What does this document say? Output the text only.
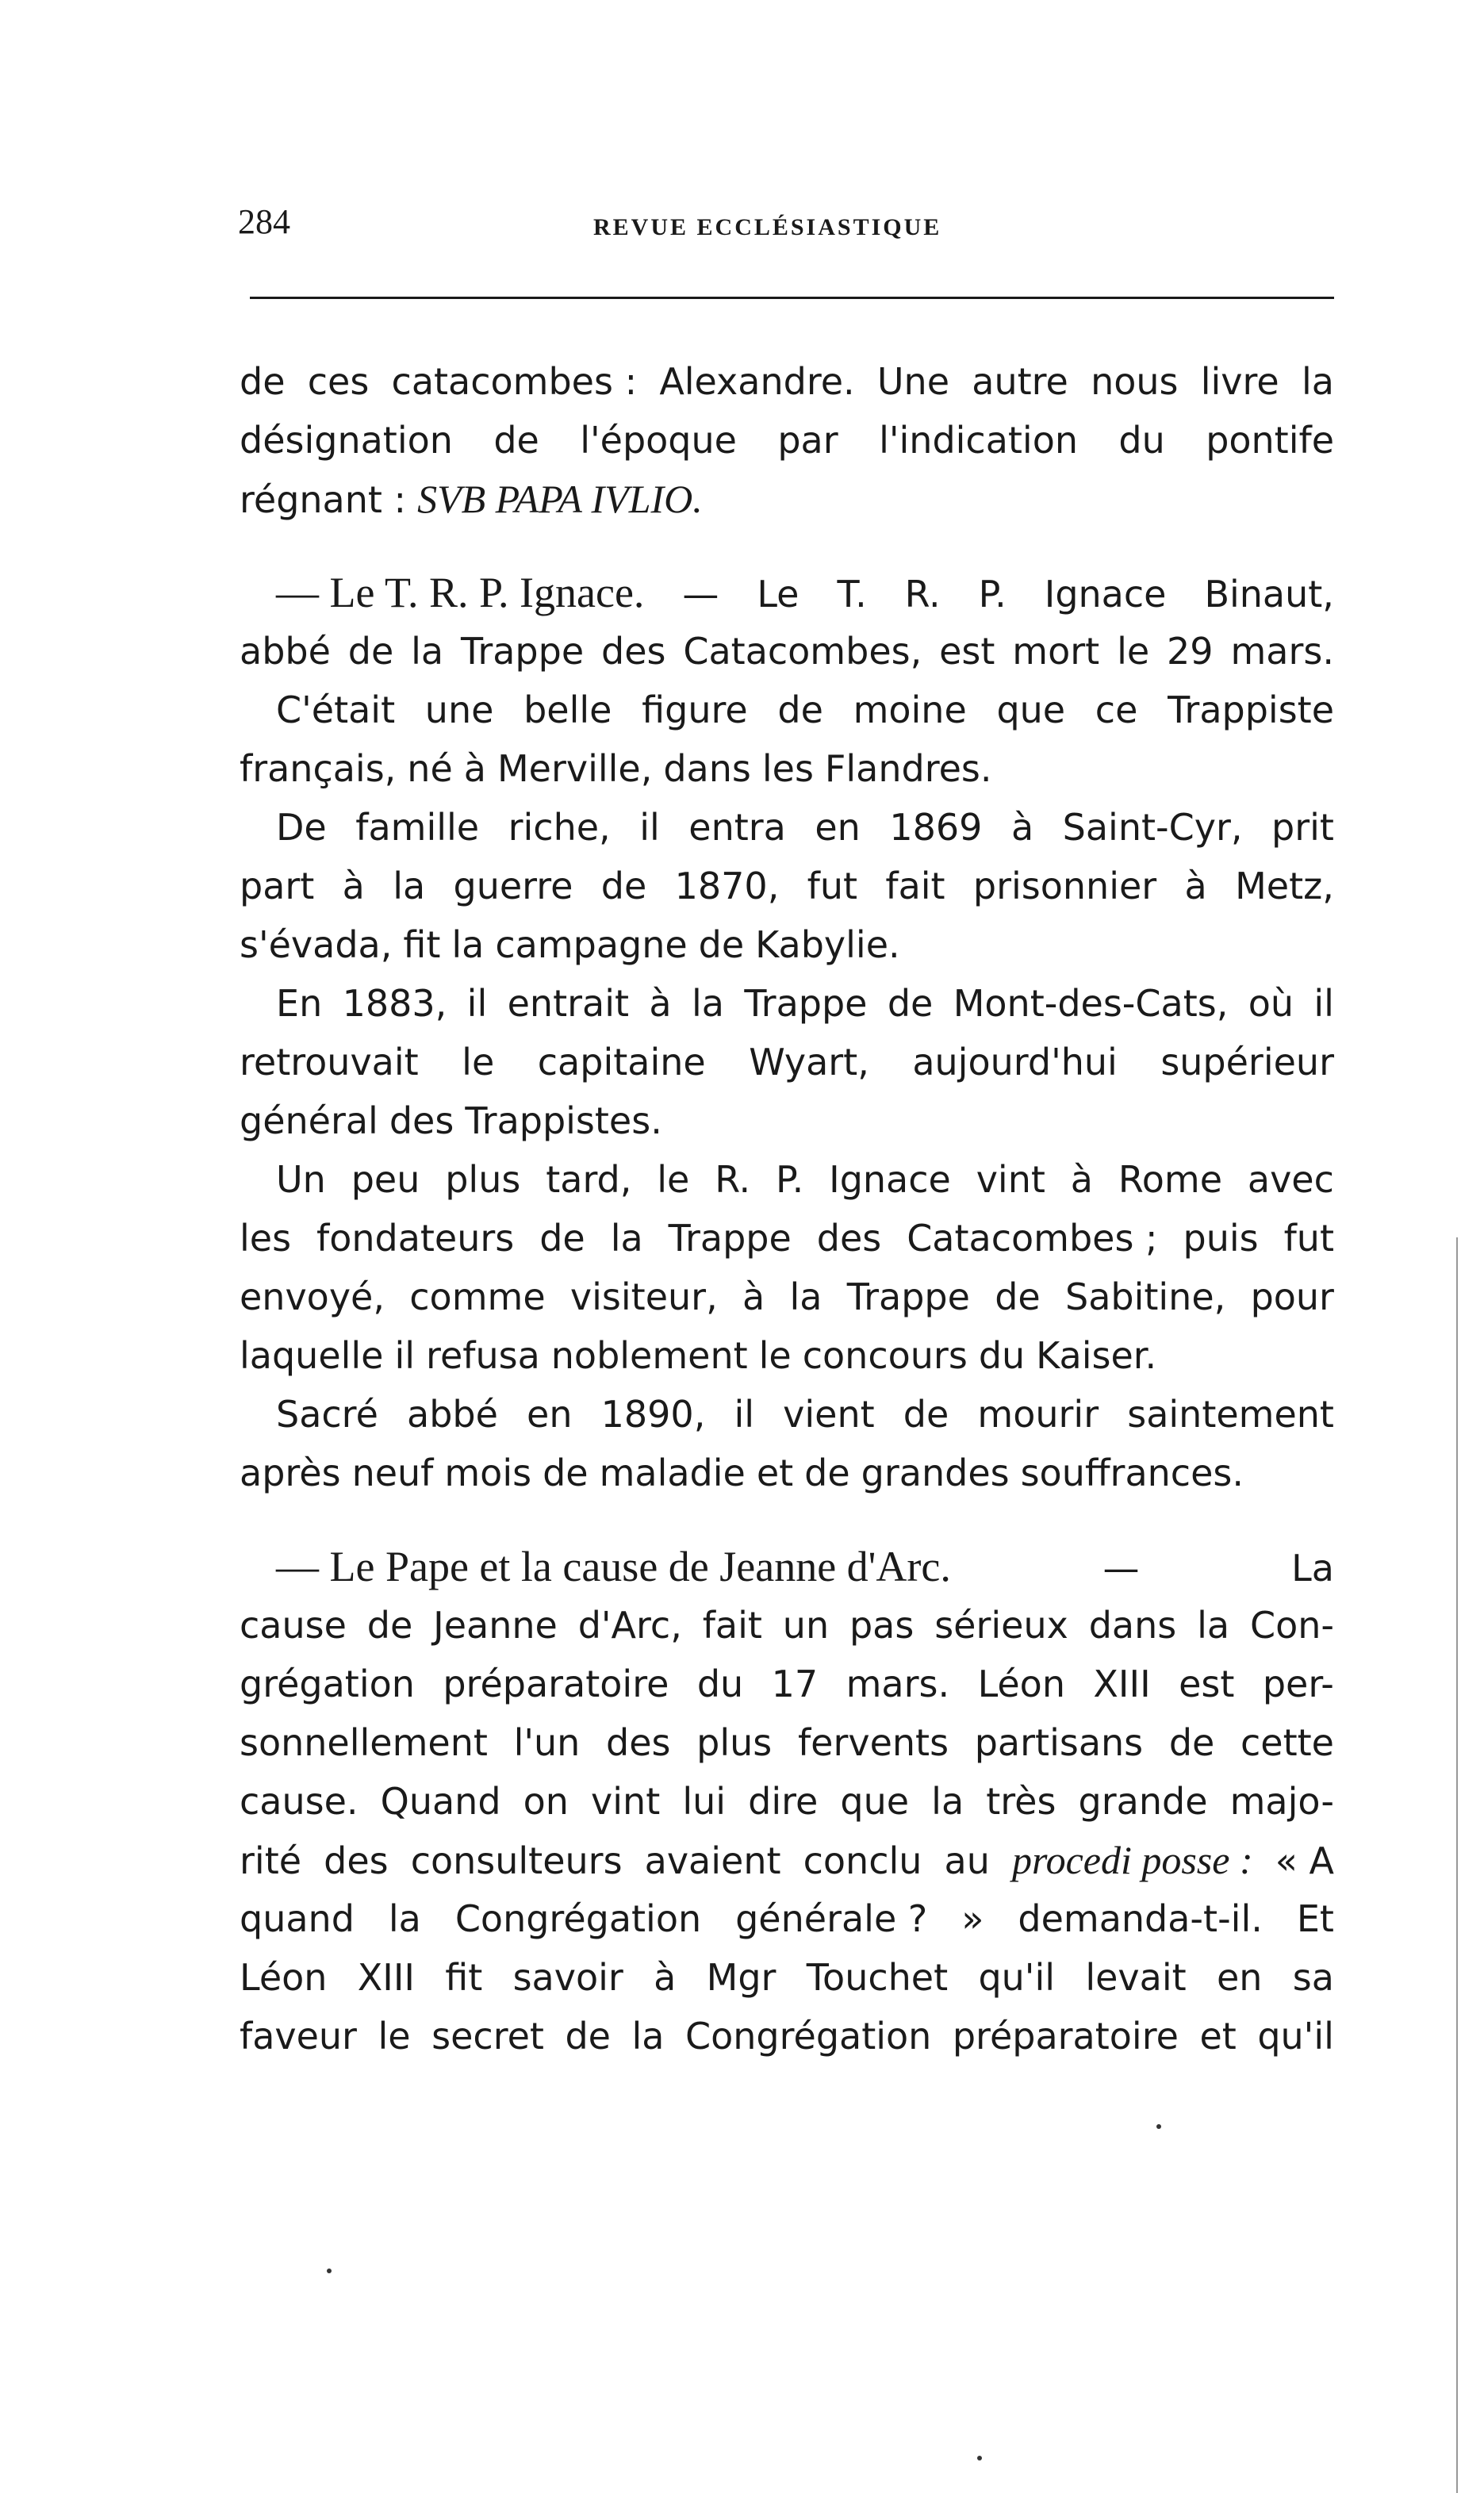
284	REVUE ECCLÉSIASTIQUE
de ces catacombes : Alexandre. Une autre nous livre la
désignation de l'époque par l'indication du pontife
régnant : SVB PAPA IVLIO.
— Le T. R. P. Ignace. — Le T. R. P. Ignace Binaut,
abbé de la Trappe des Catacombes, est mort le 29 mars.
C'était une belle figure de moine que ce Trappiste
français, né à Merville, dans les Flandres.
De famille riche, il entra en 1869 à Saint-Cyr, prit
part à la guerre de 1870, fut fait prisonnier à Metz,
s'évada, fit la campagne de Kabylie.
En 1883, il entrait à la Trappe de Mont-des-Cats, où il
retrouvait le capitaine Wyart, aujourd'hui supérieur
général des Trappistes.
Un peu plus tard, le R. P. Ignace vint à Rome avec
les fondateurs de la Trappe des Catacombes ; puis fut
envoyé, comme visiteur, à la Trappe de Sabitine, pour
laquelle il refusa noblement le concours du Kaiser.
Sacré abbé en 1890, il vient de mourir saintement
après neuf mois de maladie et de grandes souffrances.
— Le Pape et la cause de Jeanne d'Arc.	—	La
cause de Jeanne d'Arc, fait un pas sérieux dans la Con-
grégation préparatoire du 17 mars. Léon XIII est per-
sonnellement l'un des plus fervents partisans de cette
cause. Quand on vint lui dire que la très grande majo-
rité des consulteurs avaient conclu au procedi posse : « A
quand la Congrégation générale ? » demanda-t-il. Et
Léon XIII fit savoir à Mgr Touchet qu'il levait en sa
faveur le secret de la Congrégation préparatoire et qu'il
